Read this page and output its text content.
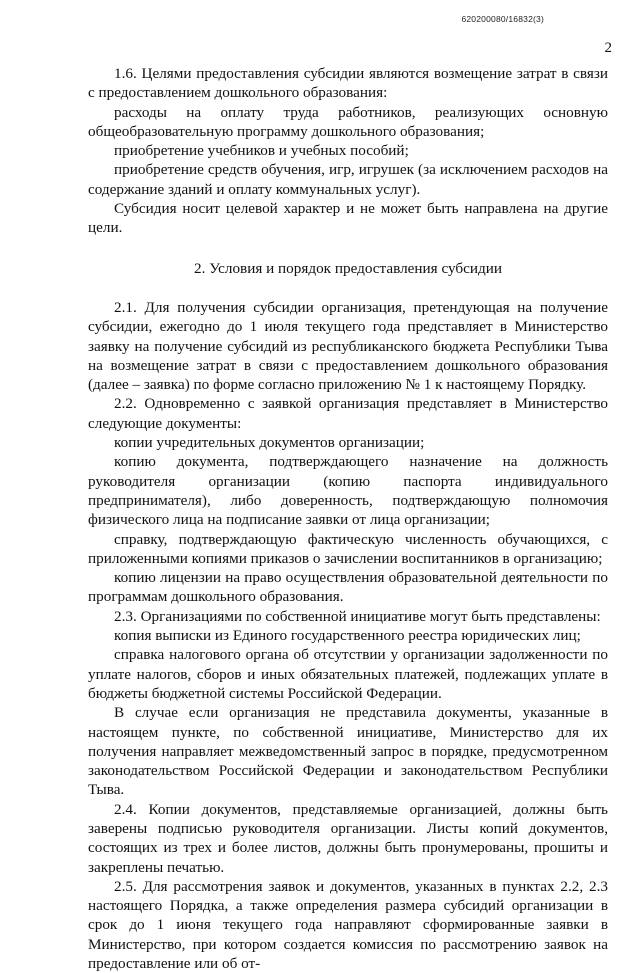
620200080/16832(3)
2

1.6. Целями предоставления субсидии являются возмещение затрат в связи с предоставлением дошкольного образования:

расходы на оплату труда работников, реализующих основную общеобразовательную программу дошкольного образования;

приобретение учебников и учебных пособий;

приобретение средств обучения, игр, игрушек (за исключением расходов на содержание зданий и оплату коммунальных услуг).

Субсидия носит целевой характер и не может быть направлена на другие цели.

2. Условия и порядок предоставления субсидии

2.1. Для получения субсидии организация, претендующая на получение субсидии, ежегодно до 1 июля текущего года представляет в Министерство заявку на получение субсидий из республиканского бюджета Республики Тыва на возмещение затрат в связи с предоставлением дошкольного образования (далее – заявка) по форме согласно приложению № 1 к настоящему Порядку.

2.2. Одновременно с заявкой организация представляет в Министерство следующие документы:

копии учредительных документов организации;

копию документа, подтверждающего назначение на должность руководителя организации (копию паспорта индивидуального предпринимателя), либо доверенность, подтверждающую полномочия физического лица на подписание заявки от лица организации;

справку, подтверждающую фактическую численность обучающихся, с приложенными копиями приказов о зачислении воспитанников в организацию;

копию лицензии на право осуществления образовательной деятельности по программам дошкольного образования.

2.3. Организациями по собственной инициативе могут быть представлены:

копия выписки из Единого государственного реестра юридических лиц;

справка налогового органа об отсутствии у организации задолженности по уплате налогов, сборов и иных обязательных платежей, подлежащих уплате в бюджеты бюджетной системы Российской Федерации.

В случае если организация не представила документы, указанные в настоящем пункте, по собственной инициативе, Министерство для их получения направляет межведомственный запрос в порядке, предусмотренном законодательством Российской Федерации и законодательством Республики Тыва.

2.4. Копии документов, представляемые организацией, должны быть заверены подписью руководителя организации. Листы копий документов, состоящих из трех и более листов, должны быть пронумерованы, прошиты и закреплены печатью.

2.5. Для рассмотрения заявок и документов, указанных в пунктах 2.2, 2.3 настоящего Порядка, а также определения размера субсидий организации в срок до 1 июня текущего года направляют сформированные заявки в Министерство, при котором создается комиссия по рассмотрению заявок на предоставление или об от-
